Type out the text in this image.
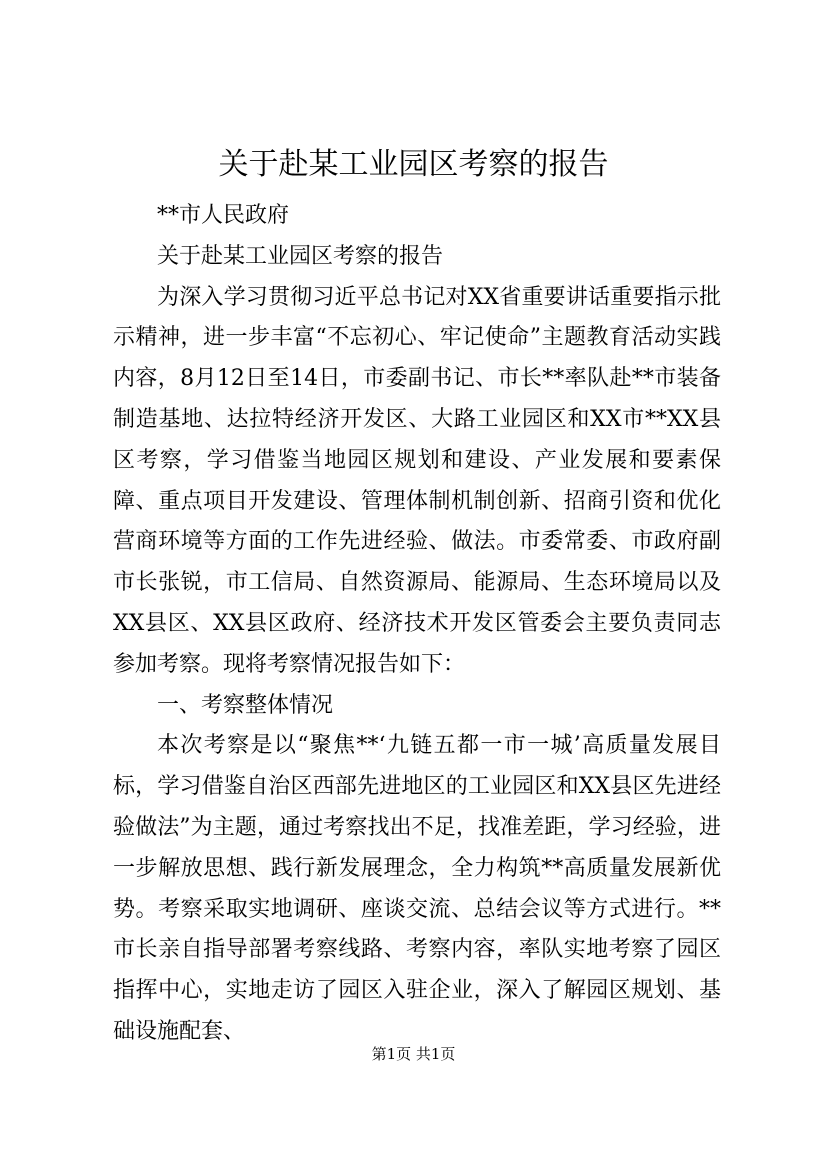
关于赴某工业园区考察的报告

**市人民政府

关于赴某工业园区考察的报告

为深入学习贯彻习近平总书记对XX省重要讲话重要指示批示精神，进一步丰富“不忘初心、牢记使命”主题教育活动实践内容，8月12日至14日，市委副书记、市长**率队赴**市装备制造基地、达拉特经济开发区、大路工业园区和XX市**XX县区考察，学习借鉴当地园区规划和建设、产业发展和要素保障、重点项目开发建设、管理体制机制创新、招商引资和优化营商环境等方面的工作先进经验、做法。市委常委、市政府副市长张锐，市工信局、自然资源局、能源局、生态环境局以及XX县区、XX县区政府、经济技术开发区管委会主要负责同志参加考察。现将考察情况报告如下：

一、考察整体情况

本次考察是以“聚焦**‘九链五都一市一城’高质量发展目标，学习借鉴自治区西部先进地区的工业园区和XX县区先进经验做法”为主题，通过考察找出不足，找准差距，学习经验，进一步解放思想、践行新发展理念，全力构筑**高质量发展新优势。考察采取实地调研、座谈交流、总结会议等方式进行。**市长亲自指导部署考察线路、考察内容，率队实地考察了园区指挥中心，实地走访了园区入驻企业，深入了解园区规划、基础设施配套、

第1页 共1页
